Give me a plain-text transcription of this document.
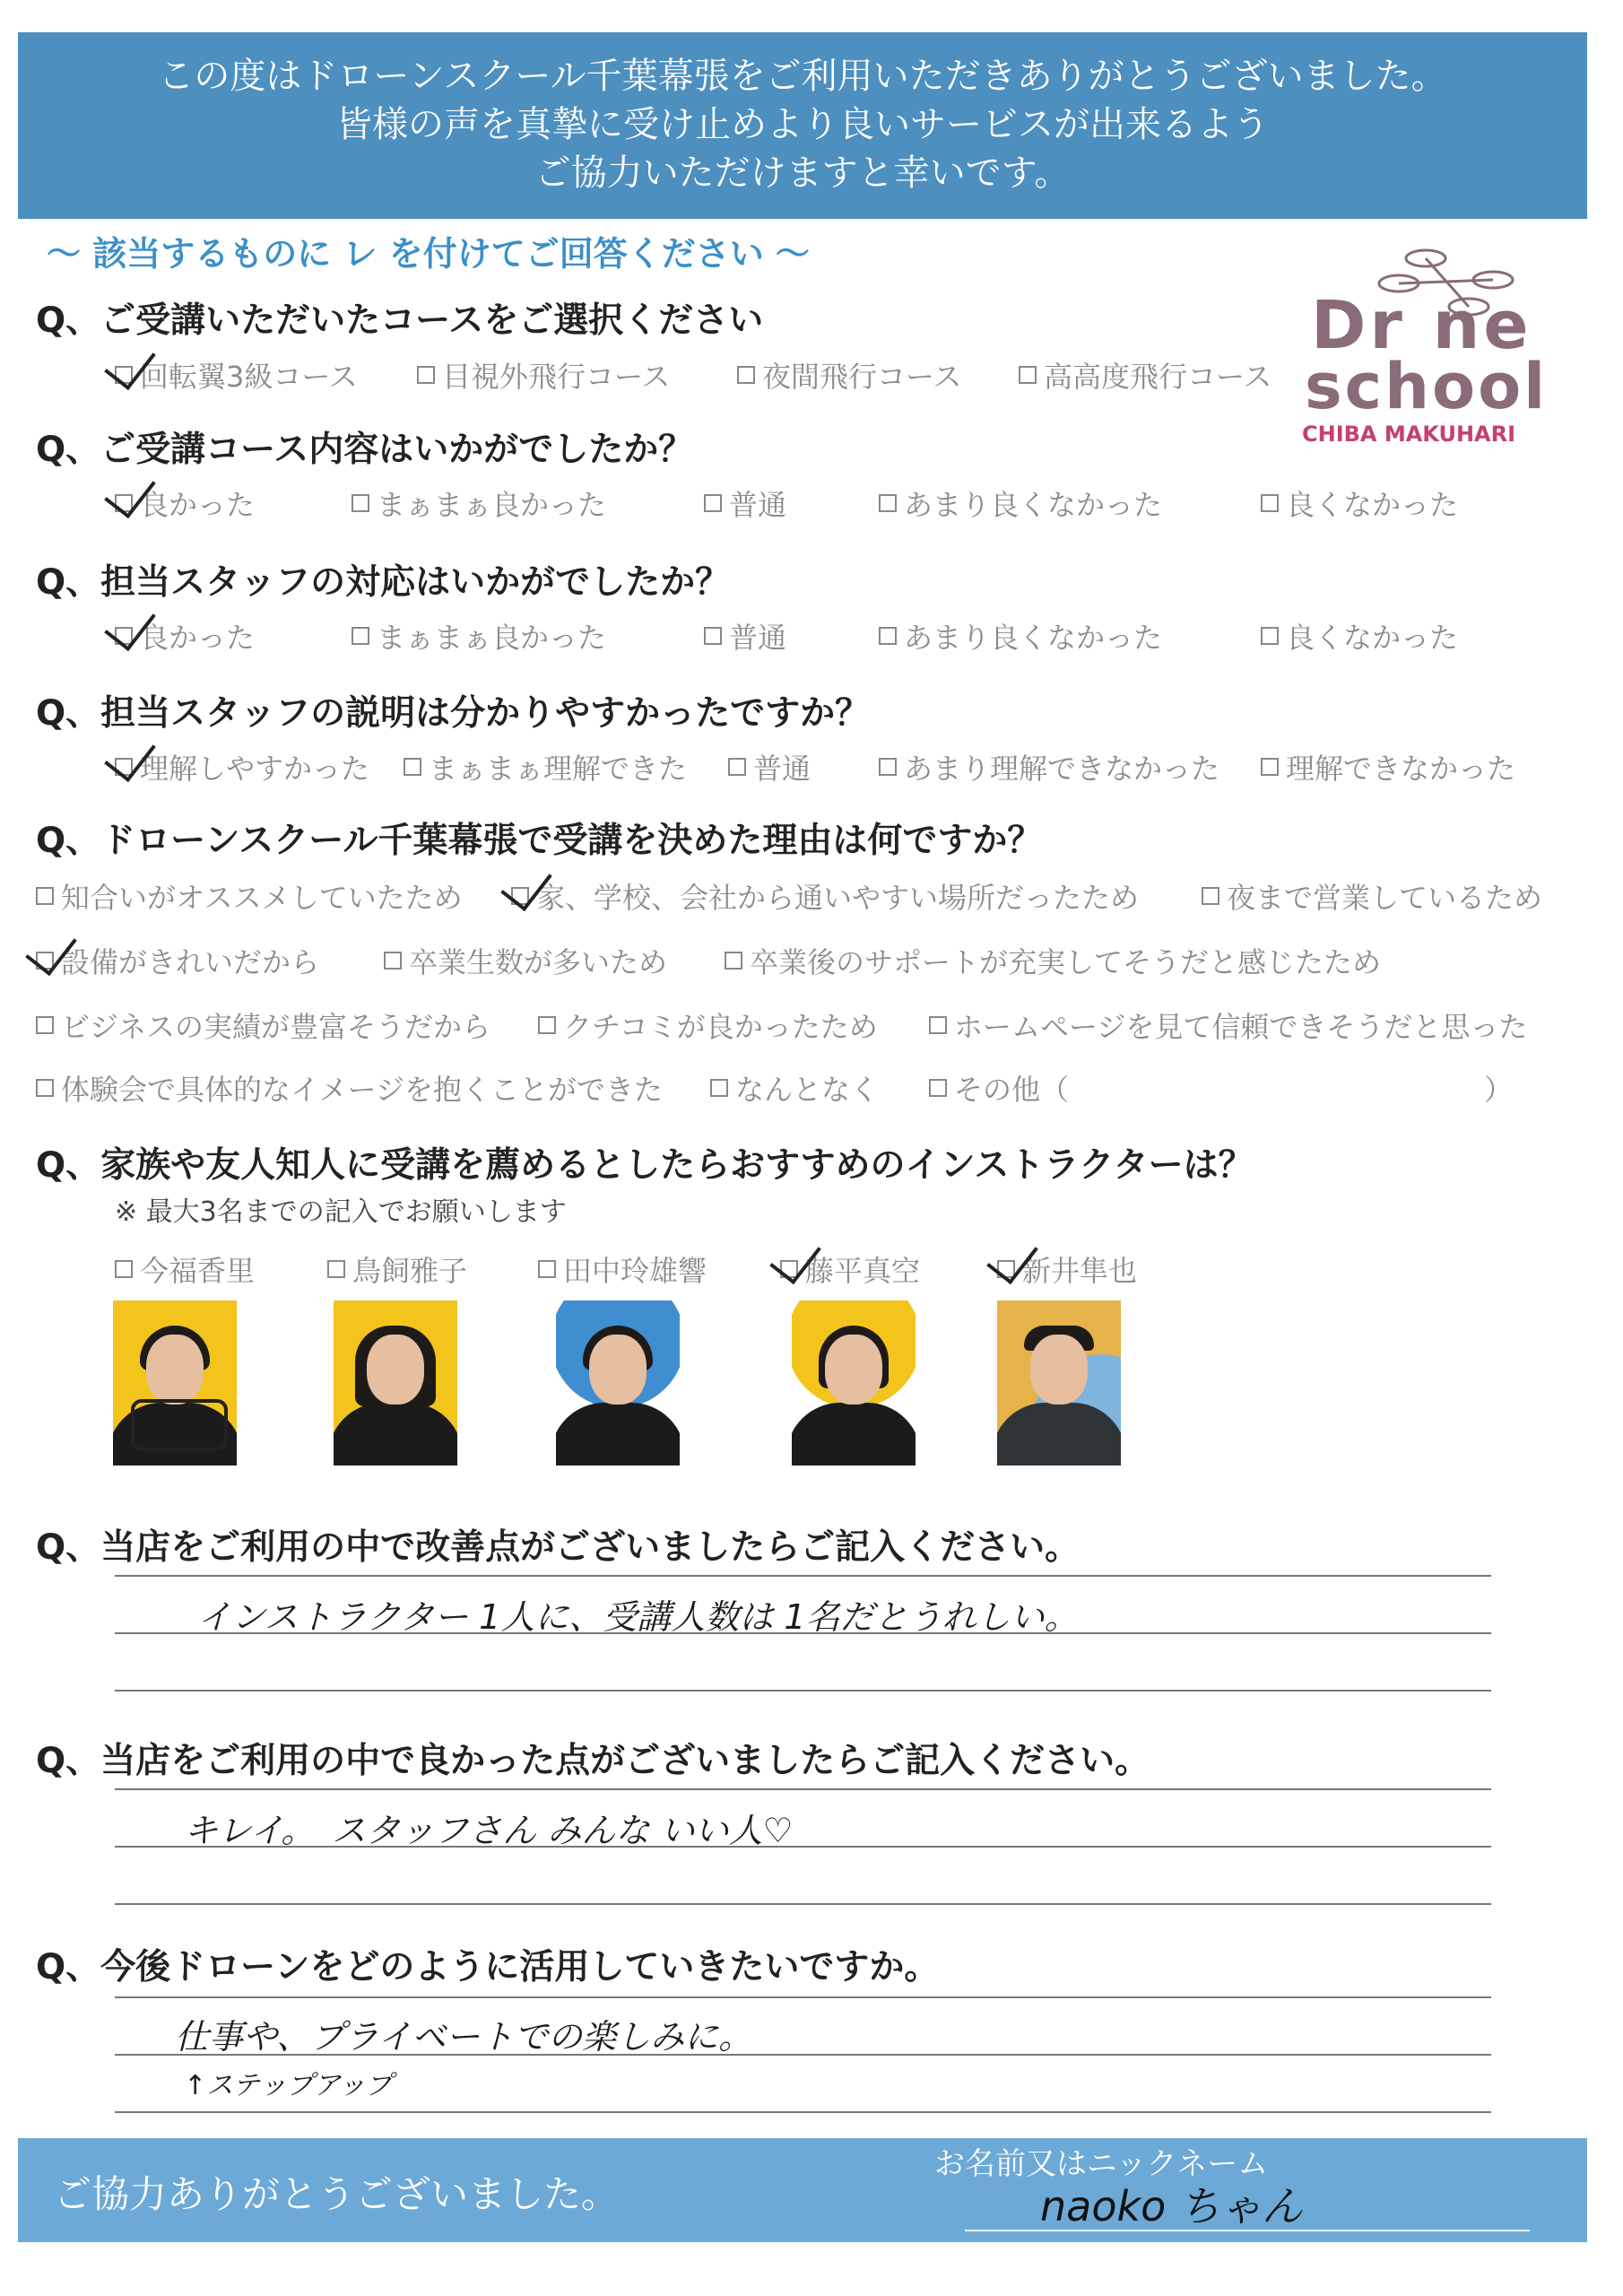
この度はドローンスクール千葉幕張をご利用いただきありがとうございました。
皆様の声を真摯に受け止めより良いサービスが出来るよう
ご協力いただけますと幸いです。
〜 該当するものに レ を付けてご回答ください 〜
Dr ne
school
CHIBA MAKUHARI
Q、ご受講いただいたコースをご選択ください
回転翼3級コース	目視外飛行コース	夜間飛行コース	高高度飛行コース
Q、ご受講コース内容はいかがでしたか？
良かった	まぁまぁ良かった	普通	あまり良くなかった	良くなかった
Q、担当スタッフの対応はいかがでしたか？
良かった	まぁまぁ良かった	普通	あまり良くなかった	良くなかった
Q、担当スタッフの説明は分かりやすかったですか？
理解しやすかった まぁまぁ理解できた 普通	あまり理解できなかった 理解できなかった
Q、ドローンスクール千葉幕張で受講を決めた理由は何ですか？
知合いがオススメしていたため	家、学校、会社から通いやすい場所だったため	夜まで営業しているため
設備がきれいだから	卒業生数が多いため	卒業後のサポートが充実してそうだと感じたため
ビジネスの実績が豊富そうだから	クチコミが良かったため	ホームページを見て信頼できそうだと思った
体験会で具体的なイメージを抱くことができた	なんとなく	その他（	）
Q、家族や友人知人に受講を薦めるとしたらおすすめのインストラクターは？
※ 最大3名までの記入でお願いします
今福香里	鳥飼雅子	田中玲雄響	藤平真空	新井隼也
Q、当店をご利用の中で改善点がございましたらご記入ください。
インストラクター 1人に、受講人数は 1名だとうれしい。
Q、当店をご利用の中で良かった点がございましたらご記入ください。
キレイ。　スタッフさん みんな いい人♡
Q、今後ドローンをどのように活用していきたいですか。
仕事や、プライベートでの楽しみに。
↑ステップアップ
ご協力ありがとうございました。
お名前又はニックネーム
naoko ちゃん
